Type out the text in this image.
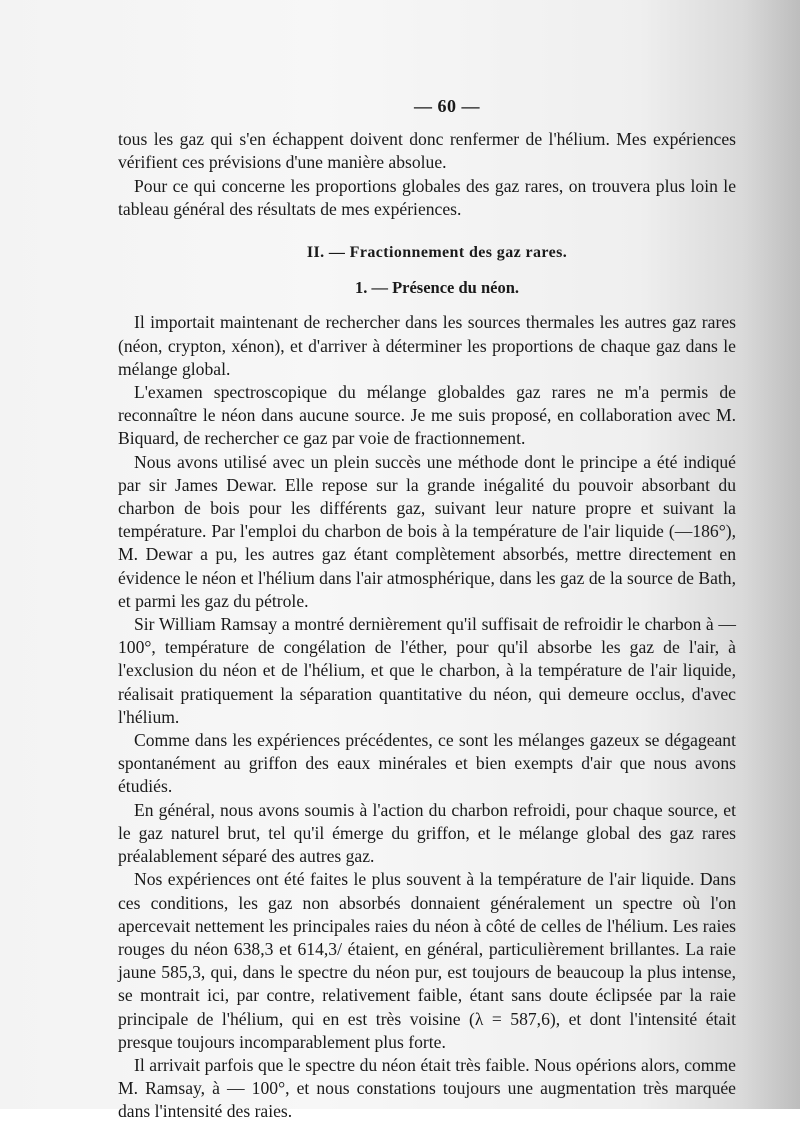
— 60 —

tous les gaz qui s'en échappent doivent donc renfermer de l'hélium. Mes expériences vérifient ces prévisions d'une manière absolue.

Pour ce qui concerne les proportions globales des gaz rares, on trouvera plus loin le tableau général des résultats de mes expériences.

II. — Fractionnement des gaz rares.
1. — Présence du néon.

Il importait maintenant de rechercher dans les sources thermales les autres gaz rares (néon, crypton, xénon), et d'arriver à déterminer les proportions de chaque gaz dans le mélange global.

L'examen spectroscopique du mélange globaldes gaz rares ne m'a permis de reconnaître le néon dans aucune source. Je me suis proposé, en collaboration avec M. Biquard, de rechercher ce gaz par voie de fractionnement.

Nous avons utilisé avec un plein succès une méthode dont le principe a été indiqué par sir James Dewar. Elle repose sur la grande inégalité du pouvoir absorbant du charbon de bois pour les différents gaz, suivant leur nature propre et suivant la température. Par l'emploi du charbon de bois à la température de l'air liquide (—186°), M. Dewar a pu, les autres gaz étant complètement absorbés, mettre directement en évidence le néon et l'hélium dans l'air atmosphérique, dans les gaz de la source de Bath, et parmi les gaz du pétrole.

Sir William Ramsay a montré dernièrement qu'il suffisait de refroidir le charbon à — 100°, température de congélation de l'éther, pour qu'il absorbe les gaz de l'air, à l'exclusion du néon et de l'hélium, et que le charbon, à la température de l'air liquide, réalisait pratiquement la séparation quantitative du néon, qui demeure occlus, d'avec l'hélium.

Comme dans les expériences précédentes, ce sont les mélanges gazeux se dégageant spontanément au griffon des eaux minérales et bien exempts d'air que nous avons étudiés.

En général, nous avons soumis à l'action du charbon refroidi, pour chaque source, et le gaz naturel brut, tel qu'il émerge du griffon, et le mélange global des gaz rares préalablement séparé des autres gaz.

Nos expériences ont été faites le plus souvent à la température de l'air liquide. Dans ces conditions, les gaz non absorbés donnaient généralement un spectre où l'on apercevait nettement les principales raies du néon à côté de celles de l'hélium. Les raies rouges du néon 638,3 et 614,3/ étaient, en général, particulièrement brillantes. La raie jaune 585,3, qui, dans le spectre du néon pur, est toujours de beaucoup la plus intense, se montrait ici, par contre, relativement faible, étant sans doute éclipsée par la raie principale de l'hélium, qui en est très voisine (λ = 587,6), et dont l'intensité était presque toujours incomparablement plus forte.

Il arrivait parfois que le spectre du néon était très faible. Nous opérions alors, comme M. Ramsay, à — 100°, et nous constations toujours une augmentation très marquée dans l'intensité des raies.
